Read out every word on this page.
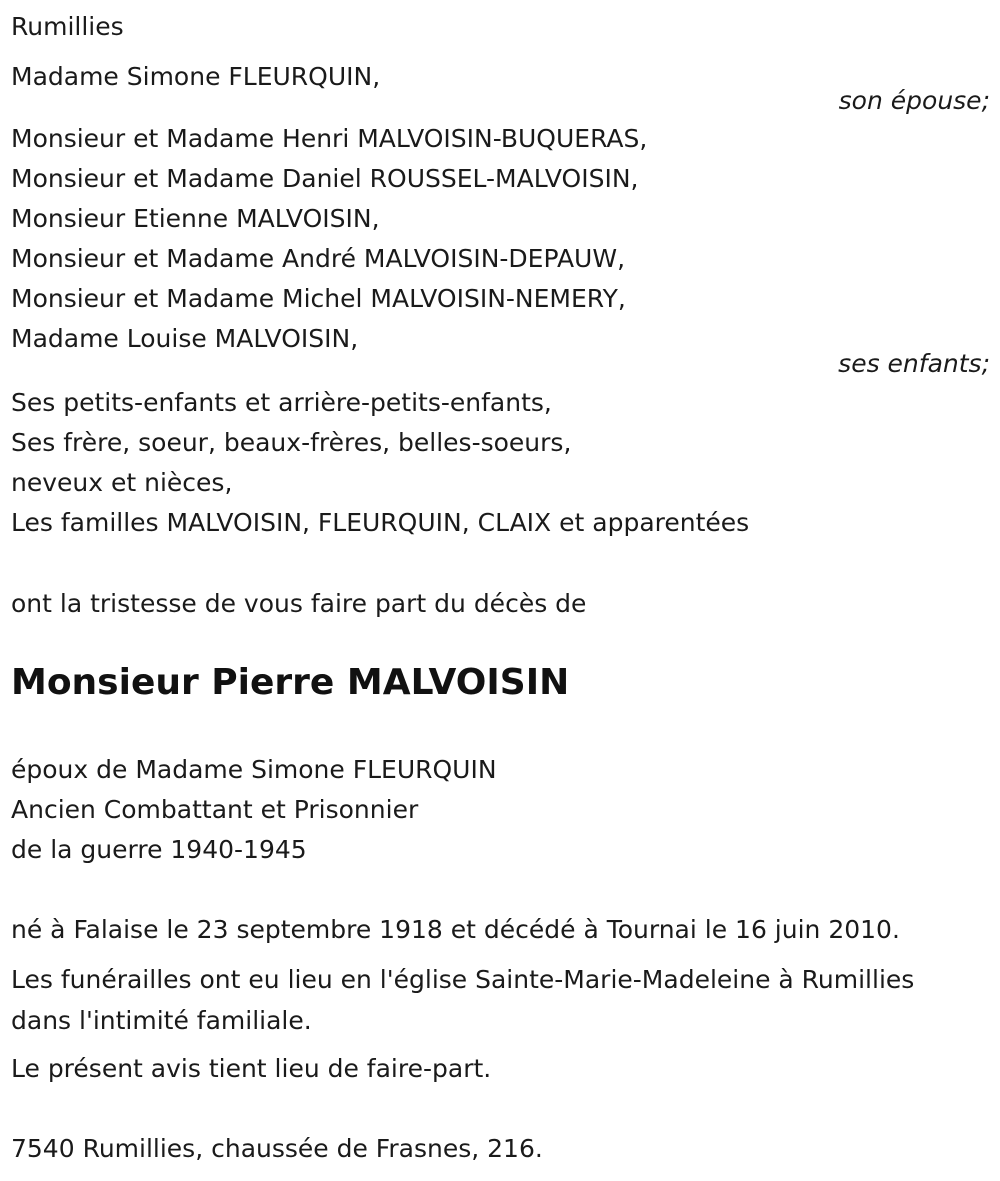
Rumillies
Madame Simone FLEURQUIN,
son épouse;
Monsieur et Madame Henri MALVOISIN-BUQUERAS,
Monsieur et Madame Daniel ROUSSEL-MALVOISIN,
Monsieur Etienne MALVOISIN,
Monsieur et Madame André MALVOISIN-DEPAUW,
Monsieur et Madame Michel MALVOISIN-NEMERY,
Madame Louise MALVOISIN,
ses enfants;
Ses petits-enfants et arrière-petits-enfants,
Ses frère, soeur, beaux-frères, belles-soeurs,
neveux et nièces,
Les familles MALVOISIN, FLEURQUIN, CLAIX et apparentées
ont la tristesse de vous faire part du décès de
Monsieur Pierre MALVOISIN
époux de Madame Simone FLEURQUIN
Ancien Combattant et Prisonnier
de la guerre 1940-1945
né à Falaise le 23 septembre 1918 et décédé à Tournai le 16 juin 2010.
Les funérailles ont eu lieu en l'église Sainte-Marie-Madeleine à Rumillies
dans l'intimité familiale.
Le présent avis tient lieu de faire-part.
7540 Rumillies, chaussée de Frasnes, 216.
